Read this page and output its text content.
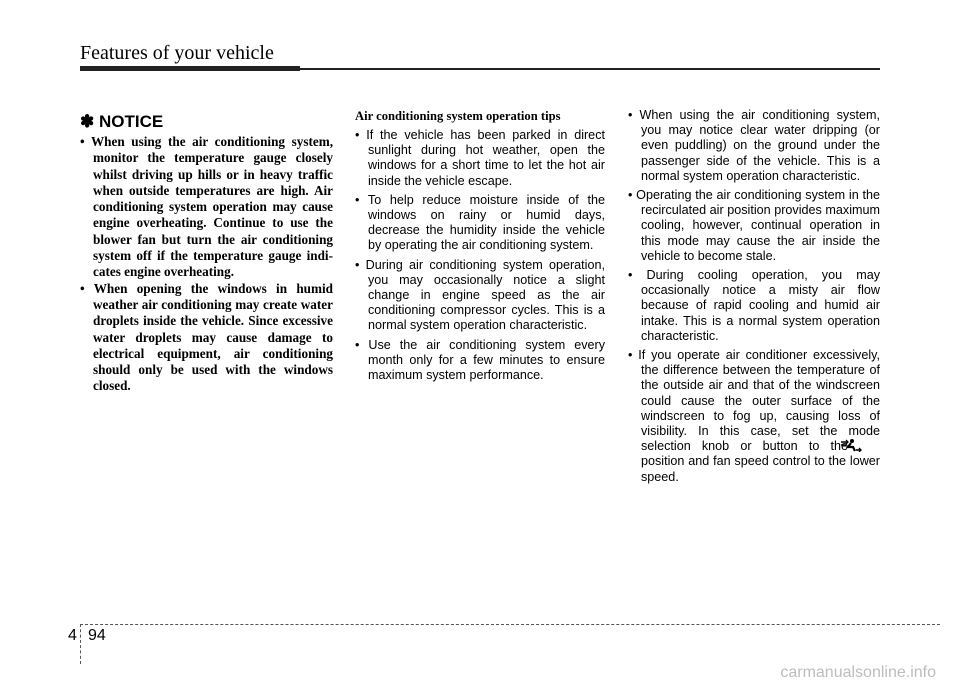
Features of your vehicle
✽ NOTICE
• When using the air conditioning system, monitor the temperature gauge closely whilst driving up hills or in heavy traffic when outside temperatures are high. Air conditioning system operation may cause engine overheating. Continue to use the blower fan but turn the air conditioning system off if the temperature gauge indicates engine overheating.
• When opening the windows in humid weather air conditioning may create water droplets inside the vehicle. Since excessive water droplets may cause damage to electrical equipment, air conditioning should only be used with the windows closed.
Air conditioning system operation tips
• If the vehicle has been parked in direct sunlight during hot weather, open the windows for a short time to let the hot air inside the vehicle escape.
• To help reduce moisture inside of the windows on rainy or humid days, decrease the humidity inside the vehicle by operating the air conditioning system.
• During air conditioning system operation, you may occasionally notice a slight change in engine speed as the air conditioning compressor cycles. This is a normal system operation characteristic.
• Use the air conditioning system every month only for a few minutes to ensure maximum system performance.
• When using the air conditioning system, you may notice clear water dripping (or even puddling) on the ground under the passenger side of the vehicle. This is a normal system operation characteristic.
• Operating the air conditioning system in the recirculated air position provides maximum cooling, however, continual operation in this mode may cause the air inside the vehicle to become stale.
• During cooling operation, you may occasionally notice a misty air flow because of rapid cooling and humid air intake. This is a normal system operation characteristic.
• If you operate air conditioner excessively, the difference between the temperature of the outside air and that of the windscreen could cause the outer surface of the windscreen to fog up, causing loss of visibility. In this case, set the mode selection knob or button to theposition and fan speed control to the lower speed.
4 94
carmanualsonline.info
